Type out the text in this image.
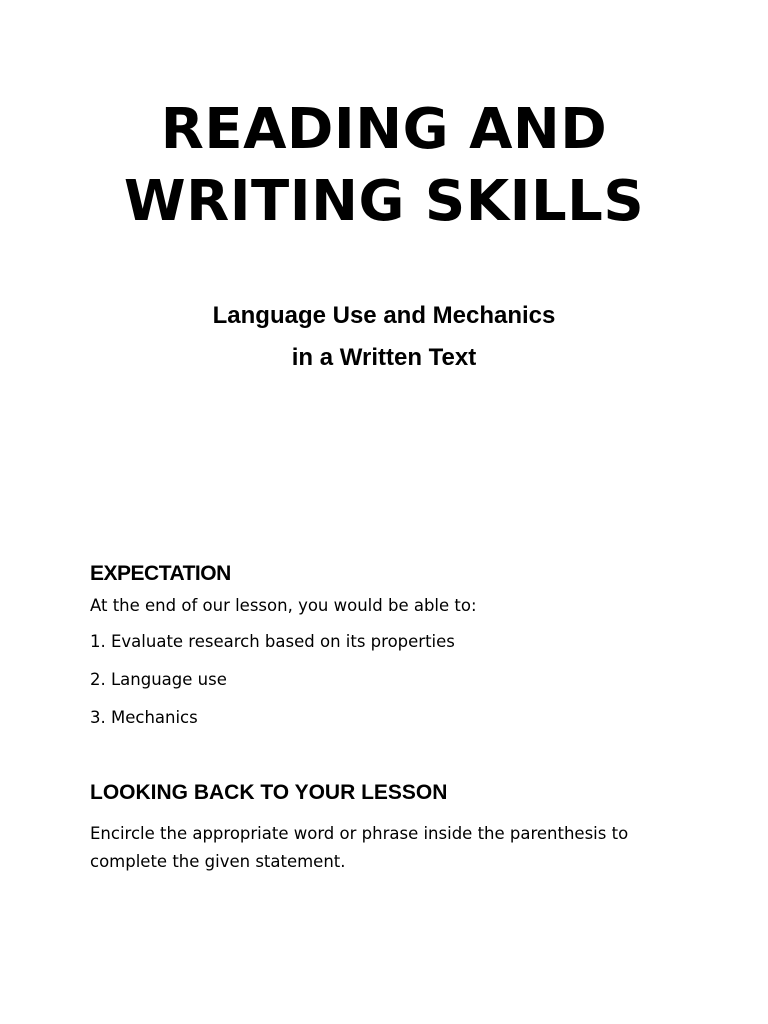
READING AND
WRITING SKILLS
Language Use and Mechanics
in a Written Text
EXPECTATION

At the end of our lesson, you would be able to:

1. Evaluate research based on its properties

2. Language use

3. Mechanics

LOOKING BACK TO YOUR LESSON

Encircle the appropriate word or phrase inside the parenthesis to complete the given statement.
